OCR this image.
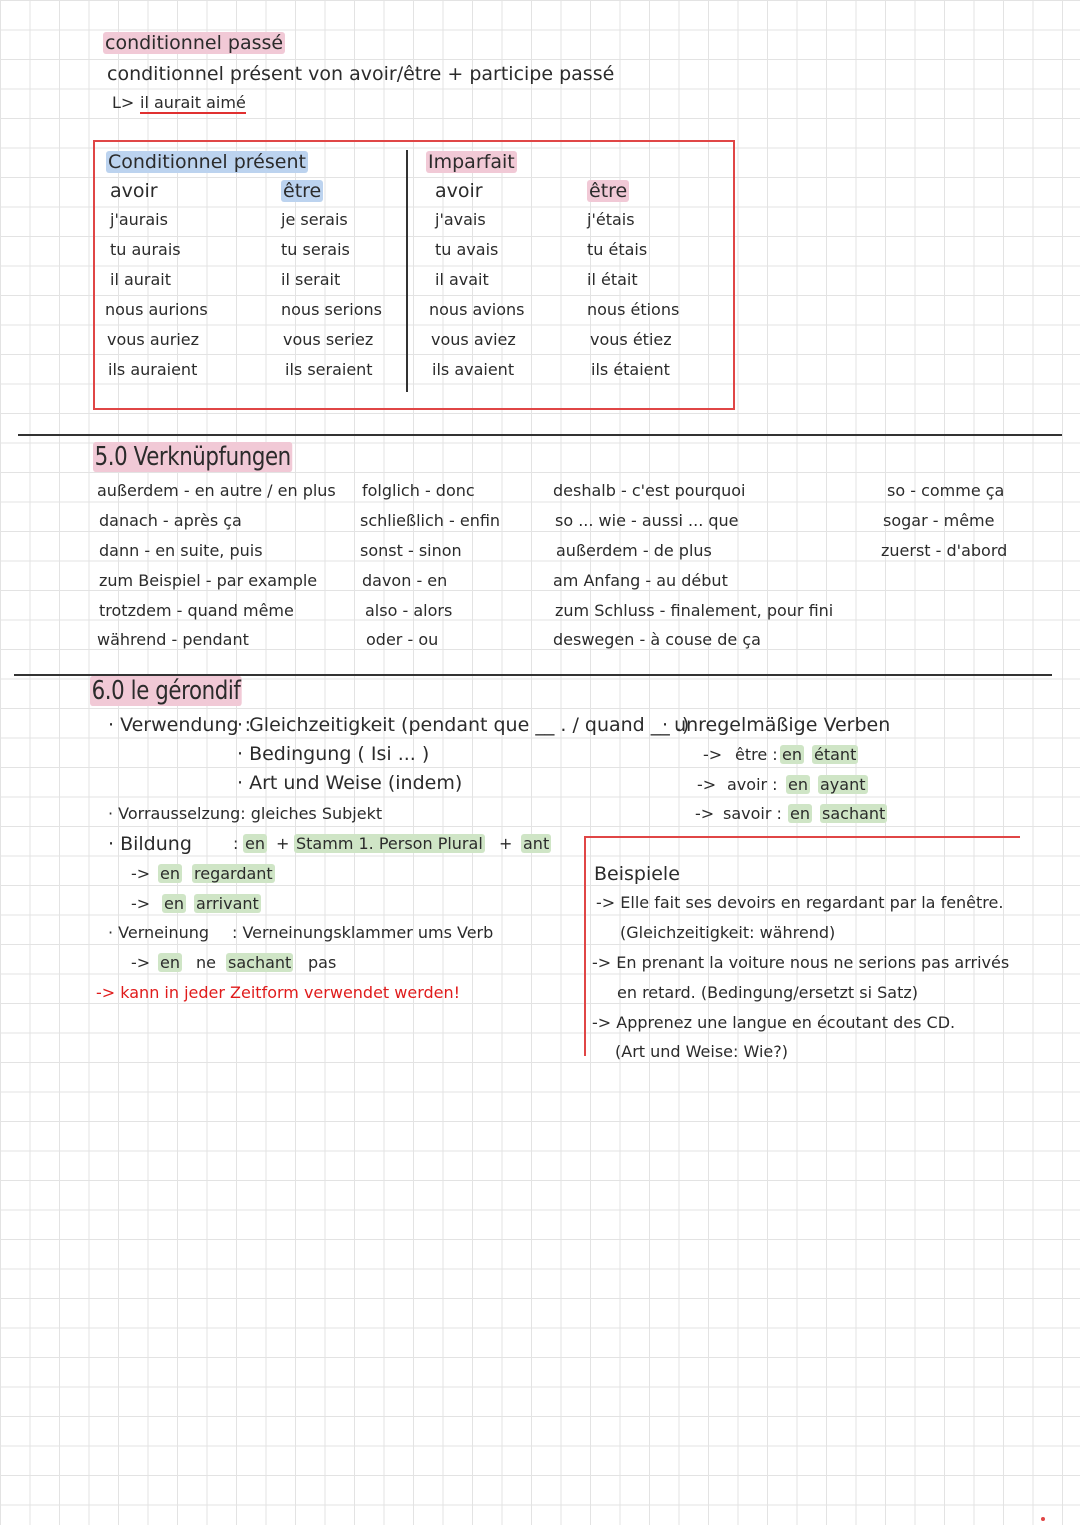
conditionnel passé
conditionnel présent von avoir/être + participe passé
L> il aurait aimé
Conditionnel présent	Imparfait
avoir
j'aurais
tu aurais
il aurait
nous aurions
vous auriez
ils auraient
être
je serais
tu serais
il serait
nous serions
vous seriez
ils seraient
avoir
j'avais
tu avais
il avait
nous avions
vous aviez
ils avaient
être
j'étais
tu étais
il était
nous étions
vous étiez
ils étaient
5.0 Verknüpfungen
außerdem - en autre / en plus
danach - après ça
dann - en suite, puis
zum Beispiel - par example
trotzdem - quand même
während - pendant
folglich - donc
schließlich - enfin
sonst - sinon
davon - en
also - alors
oder - ou
deshalb - c'est pourquoi
so ... wie - aussi ... que
außerdem - de plus
am Anfang - au début
zum Schluss - finalement, pour fini
deswegen - à couse de ça
so - comme ça
sogar - même
zuerst - d'abord
6.0 le gérondif
· Verwendung :
· Gleichzeitigkeit (pendant que __ . / quand __ .)
· Bedingung ( Isi ... )
· Art und Weise (indem)
· Vorrausselzung: gleiches Subjekt
· Bildung	: en + Stamm 1. Person Plural + ant
-> en regardant
-> en arrivant
· Verneinung : Verneinungsklammer ums Verb
-> en ne sachant pas
-> kann in jeder Zeitform verwendet werden!
· unregelmäßige Verben
-> être : en étant
-> avoir : en ayant
-> savoir : en sachant
Beispiele
-> Elle fait ses devoirs en regardant par la fenêtre.
(Gleichzeitigkeit: während)
-> En prenant la voiture nous ne serions pas arrivés
en retard. (Bedingung/ersetzt si Satz)
-> Apprenez une langue en écoutant des CD.
(Art und Weise: Wie?)
